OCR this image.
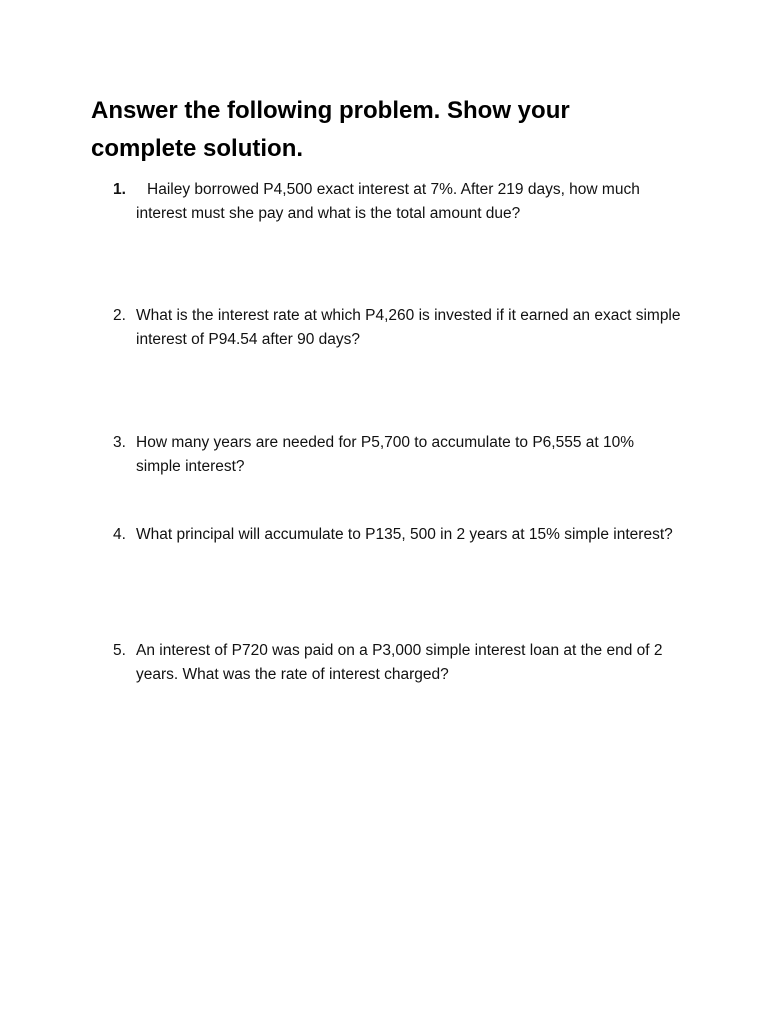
Answer the following problem. Show your complete solution.
1.	Hailey borrowed P4,500 exact interest at 7%. After 219 days, how much interest must she pay and what is the total amount due?
2. What is the interest rate at which P4,260 is invested if it earned an exact simple interest of P94.54 after 90 days?
3. How many years are needed for P5,700 to accumulate to P6,555 at 10% simple interest?
4. What principal will accumulate to P135, 500 in 2 years at 15% simple interest?
5. An interest of P720 was paid on a P3,000 simple interest loan at the end of 2 years. What was the rate of interest charged?
